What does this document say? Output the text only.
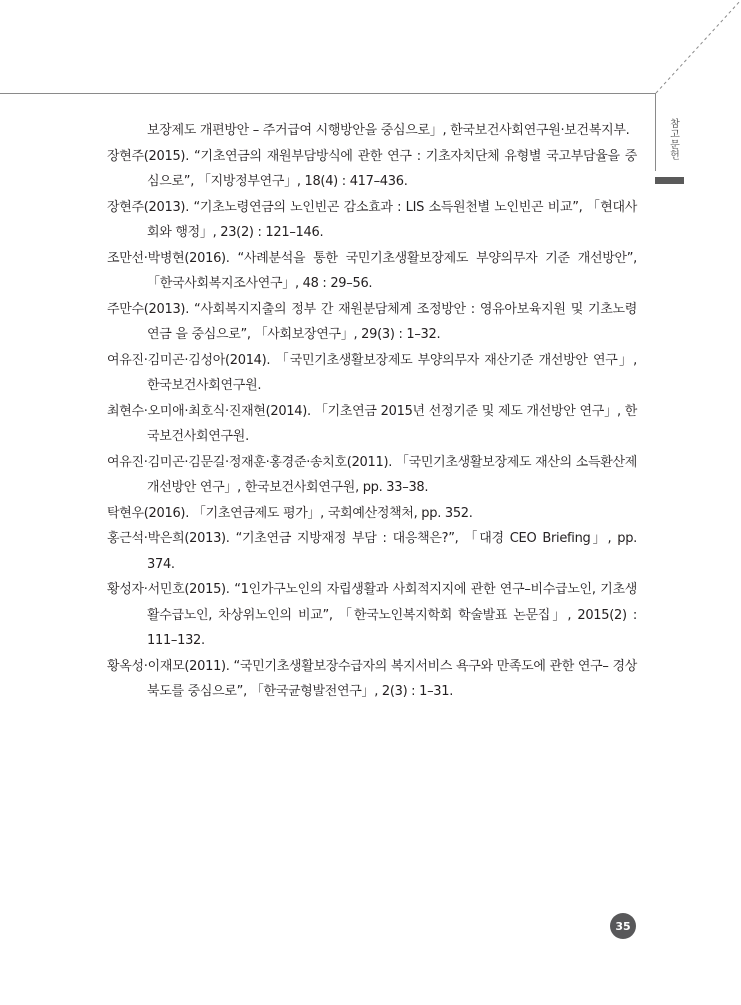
참고문헌
보장제도 개편방안 – 주거급여 시행방안을 중심으로」, 한국보건사회연구원·보건복지부.
장현주(2015). “기초연금의 재원부담방식에 관한 연구 : 기초자치단체 유형별 국고부담율을 중심으로”, 「지방정부연구」, 18(4) : 417–436.
장현주(2013). “기초노령연금의 노인빈곤 감소효과 : LIS 소득원천별 노인빈곤 비교”, 「현대사회와 행정」, 23(2) : 121–146.
조만선·박병현(2016). “사례분석을 통한 국민기초생활보장제도 부양의무자 기준 개선방안”, 「한국사회복지조사연구」, 48 : 29–56.
주만수(2013). “사회복지지출의 정부 간 재원분담체계 조정방안 : 영유아보육지원 및 기초노령연금 을 중심으로”, 「사회보장연구」, 29(3) : 1–32.
여유진·김미곤·김성아(2014). 「국민기초생활보장제도 부양의무자 재산기준 개선방안 연구」, 한국보건사회연구원.
최현수·오미애·최호식·진재현(2014). 「기초연금 2015년 선정기준 및 제도 개선방안 연구」, 한국보건사회연구원.
여유진·김미곤·김문길·정재훈·홍경준·송치호(2011). 「국민기초생활보장제도 재산의 소득환산제 개선방안 연구」, 한국보건사회연구원, pp. 33–38.
탁현우(2016). 「기초연금제도 평가」, 국회예산정책처, pp. 352.
홍근석·박은희(2013). “기초연금 지방재정 부담 : 대응책은?”, 「대경 CEO Briefing」, pp. 374.
황성자·서민호(2015). “1인가구노인의 자립생활과 사회적지지에 관한 연구–비수급노인, 기초생활수급노인, 차상위노인의 비교”, 「한국노인복지학회 학술발표 논문집」, 2015(2) : 111–132.
황옥성·이재모(2011). “국민기초생활보장수급자의 복지서비스 욕구와 만족도에 관한 연구– 경상북도를 중심으로”, 「한국균형발전연구」, 2(3) : 1–31.
35
